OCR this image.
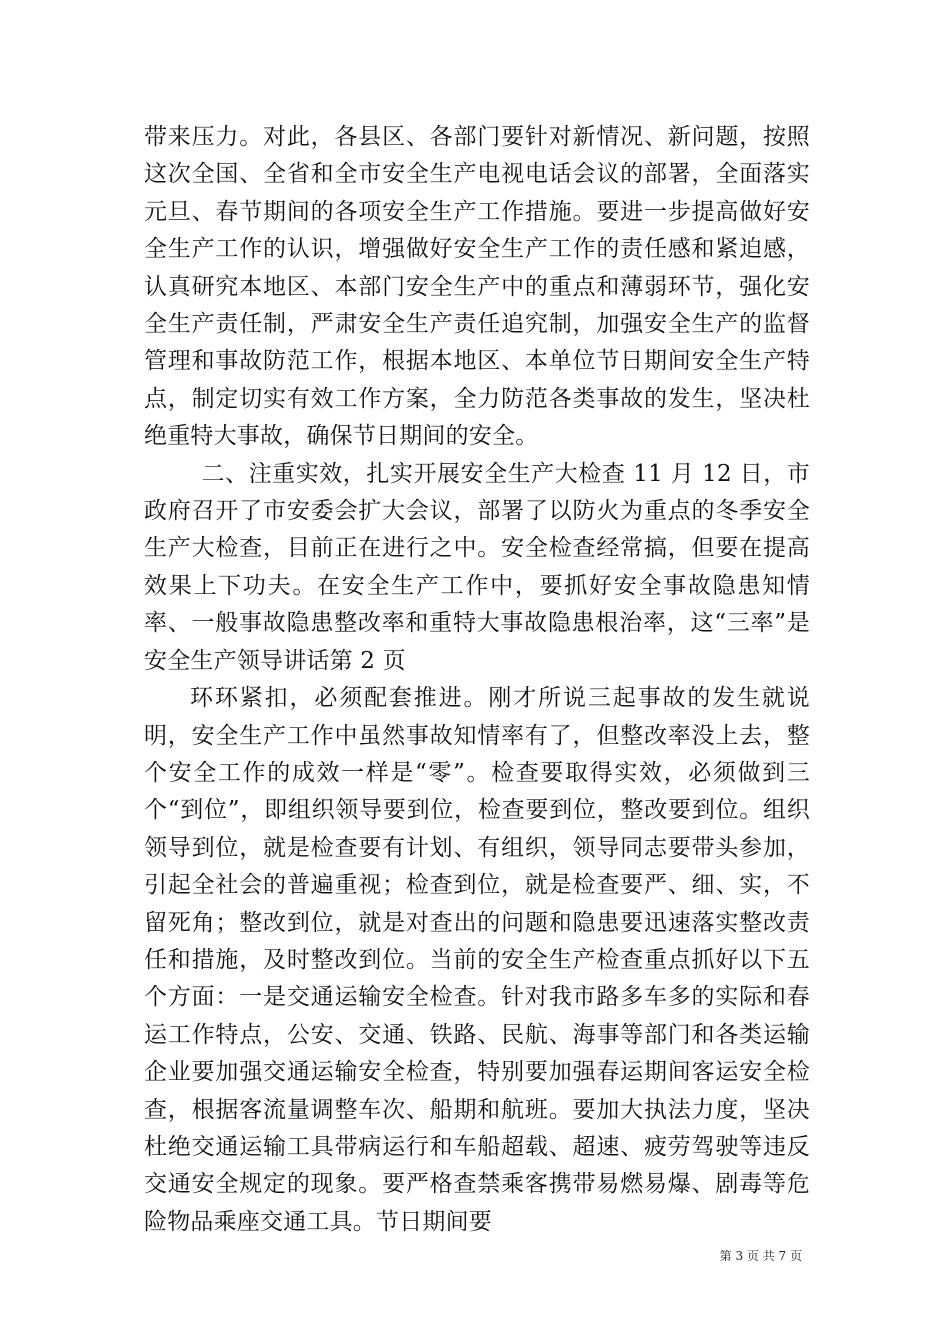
带来压力。对此，各县区、各部门要针对新情况、新问题，按照这次全国、全省和全市安全生产电视电话会议的部署，全面落实元旦、春节期间的各项安全生产工作措施。要进一步提高做好安全生产工作的认识，增强做好安全生产工作的责任感和紧迫感，认真研究本地区、本部门安全生产中的重点和薄弱环节，强化安全生产责任制，严肃安全生产责任追究制，加强安全生产的监督管理和事故防范工作，根据本地区、本单位节日期间安全生产特点，制定切实有效工作方案，全力防范各类事故的发生，坚决杜绝重特大事故，确保节日期间的安全。

二、注重实效，扎实开展安全生产大检查 11 月 12 日，市政府召开了市安委会扩大会议，部署了以防火为重点的冬季安全生产大检查，目前正在进行之中。安全检查经常搞，但要在提高效果上下功夫。在安全生产工作中，要抓好安全事故隐患知情率、一般事故隐患整改率和重特大事故隐患根治率，这“三率”是安全生产领导讲话第 2 页

环环紧扣，必须配套推进。刚才所说三起事故的发生就说明，安全生产工作中虽然事故知情率有了，但整改率没上去，整个安全工作的成效一样是“零”。检查要取得实效，必须做到三个“到位”，即组织领导要到位，检查要到位，整改要到位。组织领导到位，就是检查要有计划、有组织，领导同志要带头参加，引起全社会的普遍重视；检查到位，就是检查要严、细、实，不留死角；整改到位，就是对查出的问题和隐患要迅速落实整改责任和措施，及时整改到位。当前的安全生产检查重点抓好以下五个方面：一是交通运输安全检查。针对我市路多车多的实际和春运工作特点，公安、交通、铁路、民航、海事等部门和各类运输企业要加强交通运输安全检查，特别要加强春运期间客运安全检查，根据客流量调整车次、船期和航班。要加大执法力度，坚决杜绝交通运输工具带病运行和车船超载、超速、疲劳驾驶等违反交通安全规定的现象。要严格查禁乘客携带易燃易爆、剧毒等危险物品乘座交通工具。节日期间要

第 3 页 共 7 页
